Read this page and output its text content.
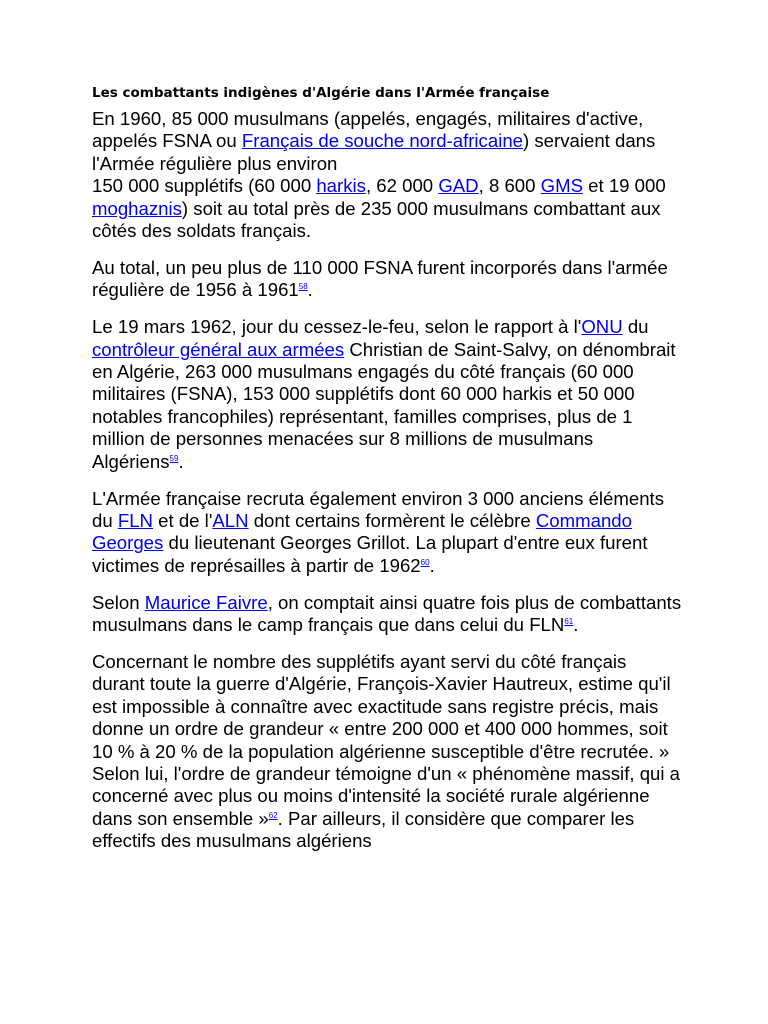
Les combattants indigènes d'Algérie dans l'Armée française

En 1960, 85 000 musulmans (appelés, engagés, militaires d'active, appelés FSNA ou Français de souche nord-africaine) servaient dans l'Armée régulière plus environ
150 000 supplétifs (60 000 harkis, 62 000 GAD, 8 600 GMS et 19 000 moghaznis) soit au total près de 235 000 musulmans combattant aux côtés des soldats français.

Au total, un peu plus de 110 000 FSNA furent incorporés dans l'armée régulière de 1956 à 1961$^{58}$.

Le 19 mars 1962, jour du cessez-le-feu, selon le rapport à l'ONU du contrôleur général aux armées Christian de Saint-Salvy, on dénombrait en Algérie, 263 000 musulmans engagés du côté français (60 000 militaires (FSNA), 153 000 supplétifs dont 60 000 harkis et 50 000 notables francophiles) représentant, familles comprises, plus de 1 million de personnes menacées sur 8 millions de musulmans Algériens$^{59}$.

L'Armée française recruta également environ 3 000 anciens éléments du FLN et de l'ALN dont certains formèrent le célèbre Commando Georges du lieutenant Georges Grillot. La plupart d'entre eux furent victimes de représailles à partir de 1962$^{60}$.

Selon Maurice Faivre, on comptait ainsi quatre fois plus de combattants musulmans dans le camp français que dans celui du FLN$^{61}$.

Concernant le nombre des supplétifs ayant servi du côté français durant toute la guerre d'Algérie, François-Xavier Hautreux, estime qu'il est impossible à connaître avec exactitude sans registre précis, mais donne un ordre de grandeur « entre 200 000 et 400 000 hommes, soit 10 % à 20 % de la population algérienne susceptible d'être recrutée. » Selon lui, l'ordre de grandeur témoigne d'un « phénomène massif, qui a concerné avec plus ou moins d'intensité la société rurale algérienne dans son ensemble »$^{62}$. Par ailleurs, il considère que comparer les effectifs des musulmans algériens
